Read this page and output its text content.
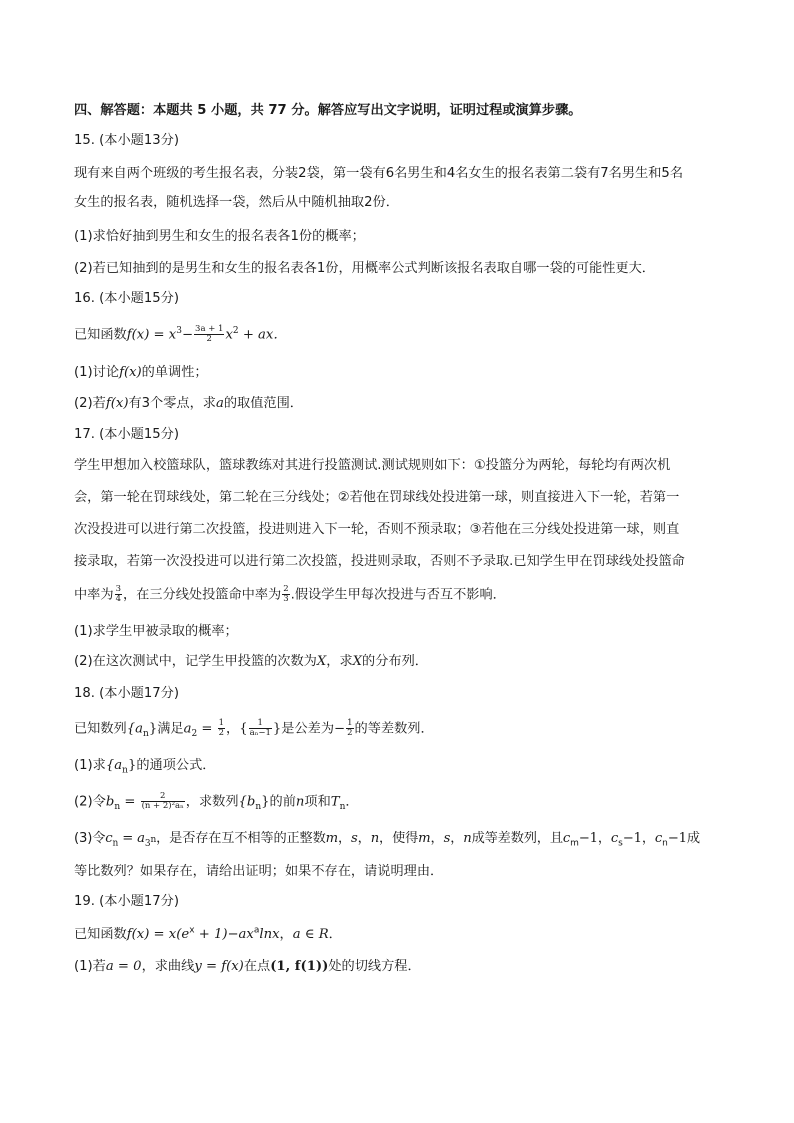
四、解答题：本题共 5 小题，共 77 分。解答应写出文字说明，证明过程或演算步骤。
15. (本小题13分)
现有来自两个班级的考生报名表，分装2袋，第一袋有6名男生和4名女生的报名表第二袋有7名男生和5名
女生的报名表，随机选择一袋，然后从中随机抽取2份．
(1)求恰好抽到男生和女生的报名表各1份的概率；
(2)若已知抽到的是男生和女生的报名表各1份，用概率公式判断该报名表取自哪一袋的可能性更大．
16. (本小题15分)
已知函数$f(x) = x^3- \frac{3a + 1}{2} x^2$ + ax．
(1)讨论f(x)的单调性；
(2)若f(x)有3个零点，求a的取值范围．
17. (本小题15分)
学生甲想加入校篮球队，篮球教练对其进行投篮测试.测试规则如下：①投篮分为两轮，每轮均有两次机
会，第一轮在罚球线处，第二轮在三分线处；②若他在罚球线处投进第一球，则直接进入下一轮，若第一
次没投进可以进行第二次投篮，投进则进入下一轮，否则不预录取；③若他在三分线处投进第一球，则直
接录取，若第一次没投进可以进行第二次投篮，投进则录取，否则不予录取.已知学生甲在罚球线处投篮命
中率为 $\frac{3}{4}$ ，在三分线处投篮命中率为 $\frac{2}{3}$ .假设学生甲每次投进与否互不影响．
(1)求学生甲被录取的概率；
(2)在这次测试中，记学生甲投篮的次数为X，求X的分布列．
18. (本小题17分)
已知数列$\{a_n\}$满足$a_2 = \frac{1}{2}$ ，{ $\frac{1}{\text{aₙ−1}}$ }是公差为− $\frac{1}{2}$ 的等差数列．
(1)求$\{a_n\}$的通项公式．
(2)令$b_n = \frac{2}{\text{(n + 2)²aₙ}}$ ，求数列$\{b_n\}$的前n项和$T_n$．
(3)令$c_n = a_{3^n}$，是否存在互不相等的正整数m，s，n，使得m，s，n成等差数列，且$c_m-1$，$c_s-1$，$c_n-1$成
等比数列？如果存在，请给出证明；如果不存在，请说明理由．
19. (本小题17分)
已知函数$f(x) = x(e^x + 1)-ax^a\ln x$，a ∈ R．
(1)若a = 0，求曲线y = f(x)在点(1, f(1))处的切线方程．
